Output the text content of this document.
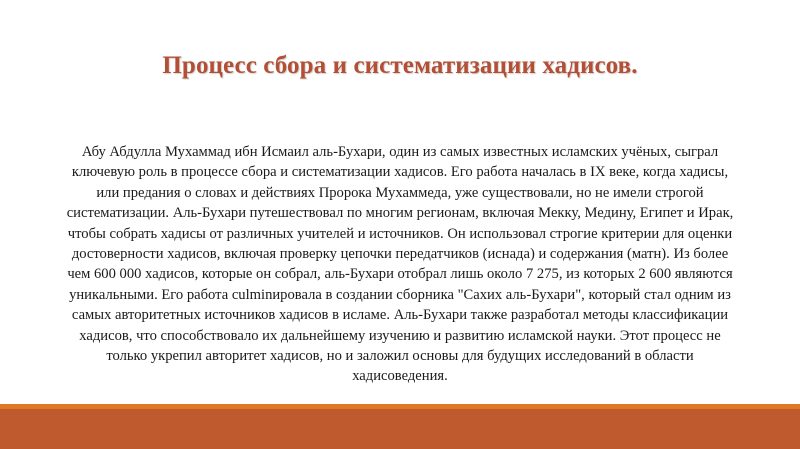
Процесс сбора и систематизации хадисов.

Абу Абдулла Мухаммад ибн Исмаил аль-Бухари, один из самых известных исламских учёных, сыграл ключевую роль в процессе сбора и систематизации хадисов. Его работа началась в IX веке, когда хадисы, или предания о словах и действиях Пророка Мухаммеда, уже существовали, но не имели строгой систематизации. Аль-Бухари путешествовал по многим регионам, включая Мекку, Медину, Египет и Ирак, чтобы собрать хадисы от различных учителей и источников. Он использовал строгие критерии для оценки достоверности хадисов, включая проверку цепочки передатчиков (иснада) и содержания (матн). Из более чем 600 000 хадисов, которые он собрал, аль-Бухари отобрал лишь около 7 275, из которых 2 600 являются уникальными. Его работа culminировала в создании сборника "Сахих аль-Бухари", который стал одним из самых авторитетных источников хадисов в исламе. Аль-Бухари также разработал методы классификации хадисов, что способствовало их дальнейшему изучению и развитию исламской науки. Этот процесс не только укрепил авторитет хадисов, но и заложил основы для будущих исследований в области хадисоведения.
